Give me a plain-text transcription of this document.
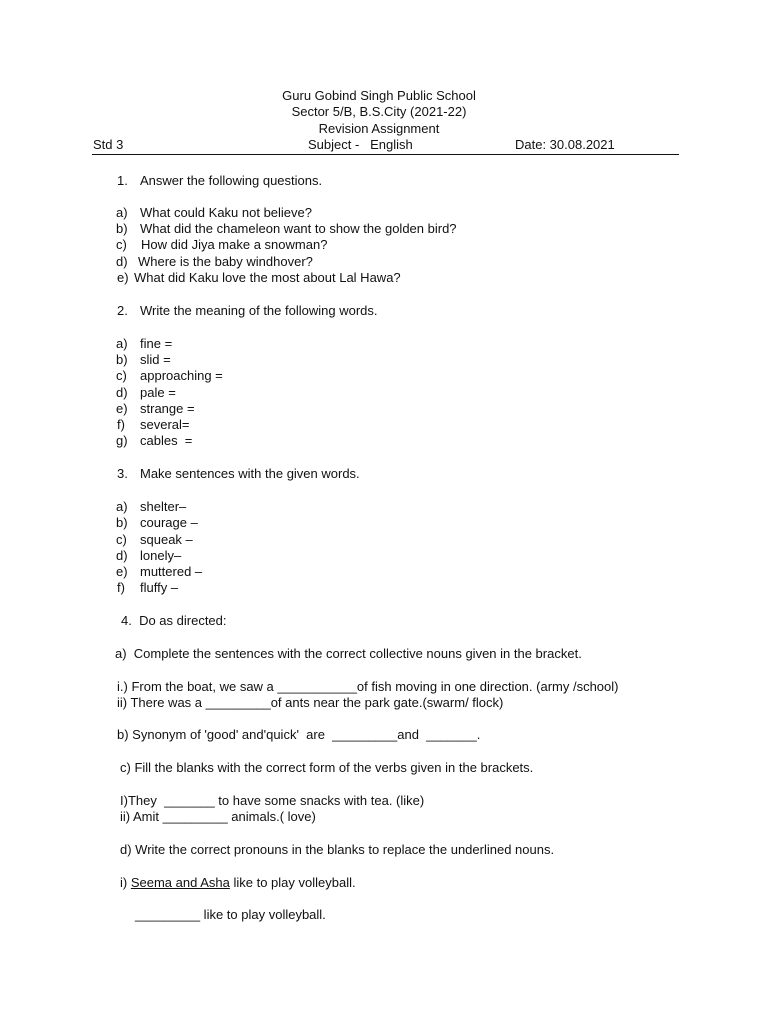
Guru Gobind Singh Public School
Sector 5/B, B.S.City (2021-22)
Revision Assignment
Std 3	Subject -   English	Date: 30.08.2021
1. Answer the following questions.
a) What could Kaku not believe?
b) What did the chameleon want to show the golden bird?
c) How did Jiya make a snowman?
d) Where is the baby windhover?
e) What did Kaku love the most about Lal Hawa?
2. Write the meaning of the following words.
a) fine =
b) slid =
c) approaching =
d) pale =
e) strange =
f) several=
g) cables  =
3. Make sentences with the given words.
a) shelter–
b) courage –
c) squeak –
d) lonely–
e) muttered –
f) fluffy –
4.  Do as directed:
a)  Complete the sentences with the correct collective nouns given in the bracket.
i.) From the boat, we saw a ___________of fish moving in one direction. (army /school)
ii) There was a _________of ants near the park gate.(swarm/ flock)
b) Synonym of 'good' and'quick'  are  _________and  _______.
c) Fill the blanks with the correct form of the verbs given in the brackets.
I)They  _______ to have some snacks with tea. (like)
ii) Amit _________ animals.( love)
d) Write the correct pronouns in the blanks to replace the underlined nouns.
i) Seema and Asha like to play volleyball.
_________ like to play volleyball.
